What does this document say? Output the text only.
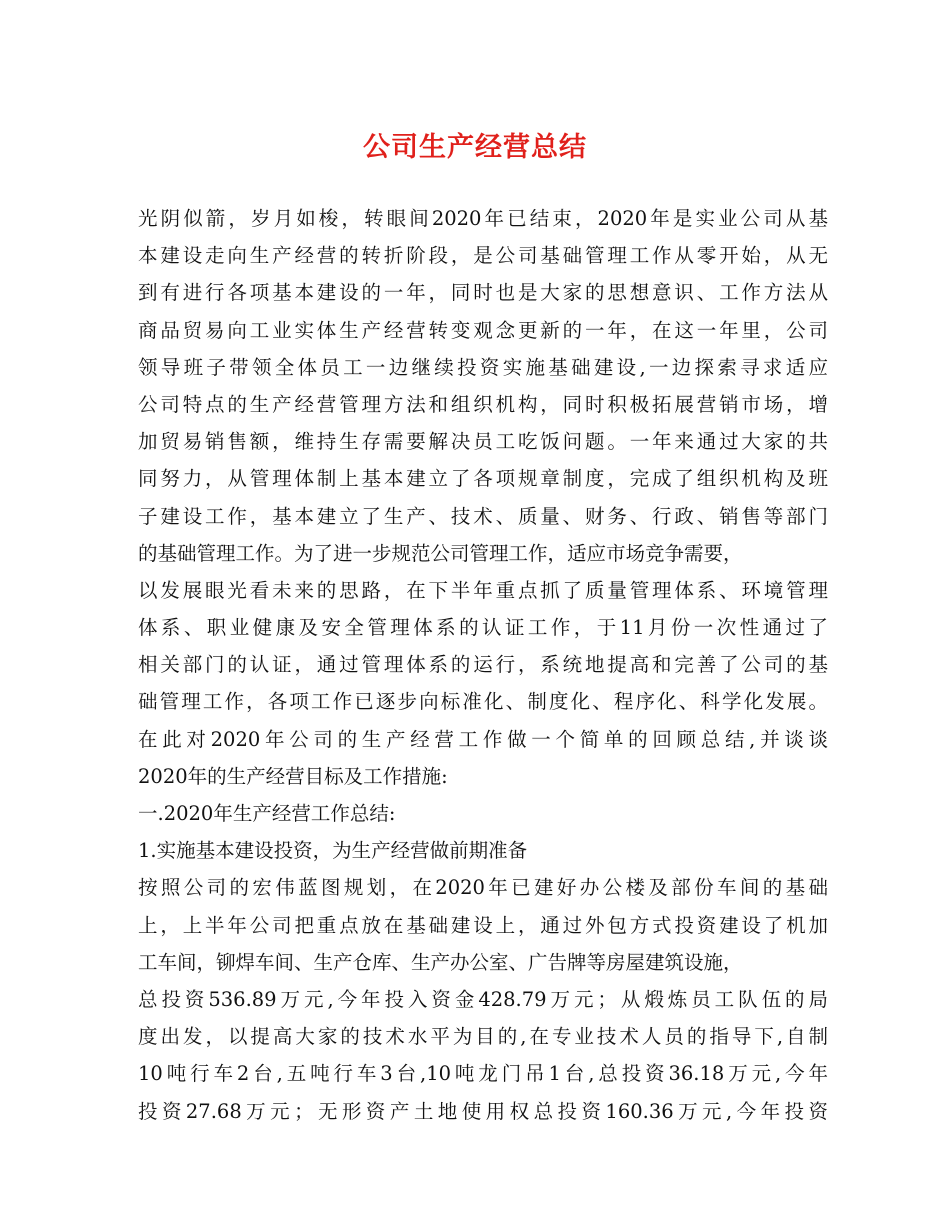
公司生产经营总结
光阴似箭，岁月如梭，转眼间2020年已结束，2020年是实业公司从基
本建设走向生产经营的转折阶段，是公司基础管理工作从零开始，从无
到有进行各项基本建设的一年，同时也是大家的思想意识、工作方法从
商品贸易向工业实体生产经营转变观念更新的一年，在这一年里，公司
领导班子带领全体员工一边继续投资实施基础建设,一边探索寻求适应
公司特点的生产经营管理方法和组织机构，同时积极拓展营销市场，增
加贸易销售额，维持生存需要解决员工吃饭问题。一年来通过大家的共
同努力，从管理体制上基本建立了各项规章制度，完成了组织机构及班
子建设工作，基本建立了生产、技术、质量、财务、行政、销售等部门
的基础管理工作。为了进一步规范公司管理工作，适应市场竞争需要，
以发展眼光看未来的思路，在下半年重点抓了质量管理体系、环境管理
体系、职业健康及安全管理体系的认证工作，于11月份一次性通过了
相关部门的认证，通过管理体系的运行，系统地提高和完善了公司的基
础管理工作，各项工作已逐步向标准化、制度化、程序化、科学化发展。
在此对2020年公司的生产经营工作做一个简单的回顾总结,并谈谈
2020年的生产经营目标及工作措施:
一.2020年生产经营工作总结:
1.实施基本建设投资，为生产经营做前期准备
按照公司的宏伟蓝图规划，在2020年已建好办公楼及部份车间的基础
上，上半年公司把重点放在基础建设上，通过外包方式投资建设了机加
工车间，铆焊车间、生产仓库、生产办公室、广告牌等房屋建筑设施，
总投资536.89万元,今年投入资金428.79万元；从煅炼员工队伍的局
度出发，以提高大家的技术水平为目的,在专业技术人员的指导下,自制
10吨行车2台,五吨行车3台,10吨龙门吊1台,总投资36.18万元,今年
投资27.68万元；无形资产土地使用权总投资160.36万元,今年投资
